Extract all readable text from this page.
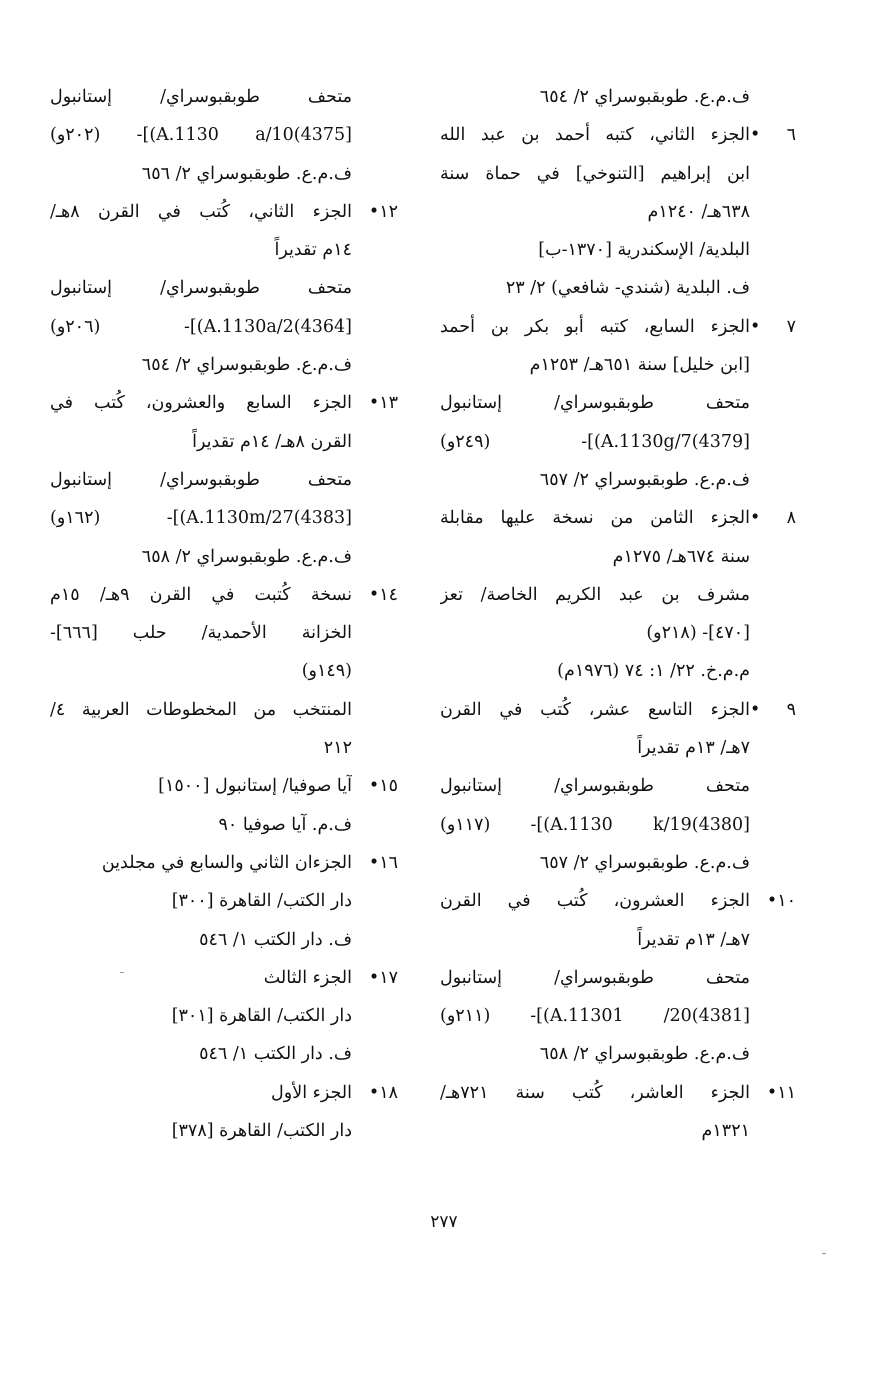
ف.م.ع. طوبقبوسراي ٢/ ٦٥٤
٦ •
الجزء الثاني، كتبه أحمد بن عبد الله
ابن إبراهيم [التنوخي] في حماة سنة
٦٣٨هـ/ ١٢٤٠م
البلدية/ الإسكندرية [١٣٧٠-ب]
ف. البلدية (شندي- شافعي) ٢/ ٢٣
٧ •
الجزء السابع، كتبه أبو بكر بن أحمد
[ابن خليل] سنة ٦٥١هـ/ ١٢٥٣م
متحف طوبقبوسراي/ إستانبول
[4379)A.1130g/7)]- (٢٤٩و)
ف.م.ع. طوبقبوسراي ٢/ ٦٥٧
٨ •
الجزء الثامن من نسخة عليها مقابلة
سنة ٦٧٤هـ/ ١٢٧٥م
مشرف بن عبد الكريم الخاصة/ تعز
[٤٧٠]- (٢١٨و)
م.م.خ. ٢٢/ ١: ٧٤ (١٩٧٦م)
٩ •
الجزء التاسع عشر، كُتب في القرن
٧هـ/ ١٣م تقديراً
متحف طوبقبوسراي/ إستانبول
[4380)A.1130 k/19)]- (١١٧و)
ف.م.ع. طوبقبوسراي ٢/ ٦٥٧
١٠•
الجزء العشرون، كُتب في القرن
٧هـ/ ١٣م تقديراً
متحف طوبقبوسراي/ إستانبول
[4381)A.11301 /20)]- (٢١١و)
ف.م.ع. طوبقبوسراي ٢/ ٦٥٨
١١•
الجزء العاشر، كُتب سنة ٧٢١هـ/
١٣٢١م
متحف طوبقبوسراي/ إستانبول
[4375)A.1130 a/10)]- (٢٠٢و)
ف.م.ع. طوبقبوسراي ٢/ ٦٥٦
١٢•
الجزء الثاني، كُتب في القرن ٨هـ/
١٤م تقديراً
متحف طوبقبوسراي/ إستانبول
[4364)A.1130a/2)]- (٢٠٦و)
ف.م.ع. طوبقبوسراي ٢/ ٦٥٤
١٣•
الجزء السابع والعشرون، كُتب في
القرن ٨هـ/ ١٤م تقديراً
متحف طوبقبوسراي/ إستانبول
[4383)A.1130m/27)]- (١٦٢و)
ف.م.ع. طوبقبوسراي ٢/ ٦٥٨
١٤•
نسخة كُتبت في القرن ٩هـ/ ١٥م
الخزانة الأحمدية/ حلب [٦٦٦]-
(١٤٩و)
المنتخب من المخطوطات العربية ٤/
٢١٢
١٥•
آيا صوفيا/ إستانبول [١٥٠٠]
ف.م. آيا صوفيا ٩٠
١٦•
الجزءان الثاني والسابع في مجلدين
دار الكتب/ القاهرة [٣٠٠]
ف. دار الكتب ١/ ٥٤٦
١٧•
الجزء الثالث
دار الكتب/ القاهرة [٣٠١]
ف. دار الكتب ١/ ٥٤٦
١٨•
الجزء الأول
دار الكتب/ القاهرة [٣٧٨]
٢٧٧
